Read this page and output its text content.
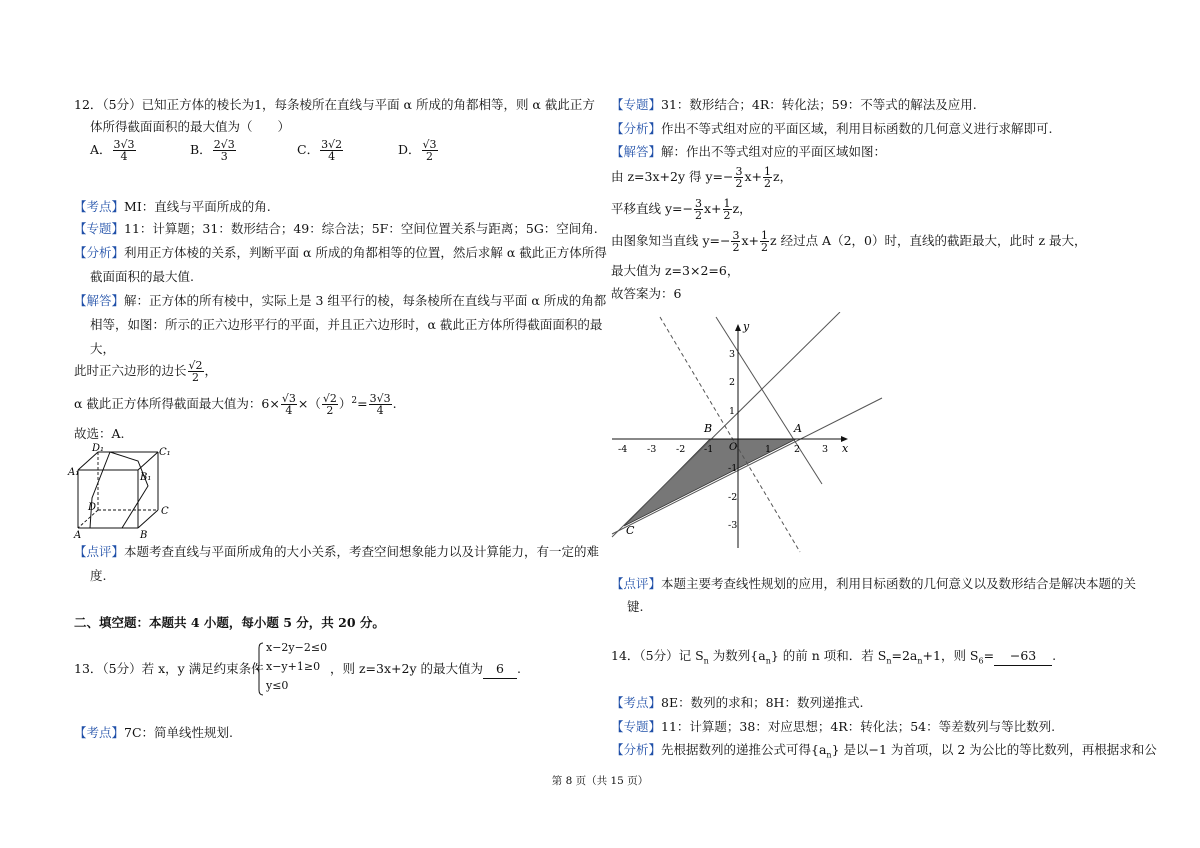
12．（5分）已知正方体的棱长为1，每条棱所在直线与平面 α 所成的角都相等，则 α 截此正方
体所得截面面积的最大值为（　　）
A． $\frac{3√3}{4}$	B． $\frac{2√3}{3}$	C． $\frac{3√2}{4}$	D． $\frac{√3}{2}$
【考点】MI：直线与平面所成的角.
【专题】11：计算题；31：数形结合；49：综合法；5F：空间位置关系与距离；5G：空间角.
【分析】利用正方体棱的关系，判断平面 α 所成的角都相等的位置，然后求解 α 截此正方体所得
截面面积的最大值.
【解答】解：正方体的所有棱中，实际上是 3 组平行的棱，每条棱所在直线与平面 α 所成的角都
相等，如图：所示的正六边形平行的平面，并且正六边形时，α 截此正方体所得截面面积的最
大，
此时正六边形的边长 $\frac{√2}{2}$ ，
α 截此正方体所得截面最大值为：$6\times \frac{√3}{4}$ ×（ $\frac{√2}{2} )^2= \frac{3√3}{4}$ .
故选：A.
D₁	C₁
A₁	B₁
D	C
A	B
【点评】本题考查直线与平面所成角的大小关系，考查空间想象能力以及计算能力，有一定的难
度.
二、填空题：本题共 4 小题，每小题 5 分，共 20 分。
13．（5分）若 x，y 满足约束条件
x−2y−2≤0
x−y+1≥0
y≤0
，则 z=3x+2y 的最大值为 6 .
【考点】7C：简单线性规划.
【专题】31：数形结合；4R：转化法；59：不等式的解法及应用.
【分析】作出不等式组对应的平面区域，利用目标函数的几何意义进行求解即可.
【解答】解：作出不等式组对应的平面区域如图：
由 z=3x+2y 得 $y=- \frac{3}{2} x+ \frac{1}{2}$ z，
平移直线 $y=- \frac{3}{2} x+ \frac{1}{2}$ z，
由图象知当直线 $y=- \frac{3}{2} x+ \frac{1}{2}$ z 经过点 A（2，0）时，直线的截距最大，此时 z 最大，
最大值为 z=3×2=6，
故答案为：6
x
y
O
-4 -3 -2 -1	1 2 3
3
2
1
-1
-2
-3
B	A
C
【点评】本题主要考查线性规划的应用，利用目标函数的几何意义以及数形结合是解决本题的关
键.
14．（5分）记 $S_n$ 为数列$\{a_n\}$ 的前 n 项和．若 $S_n=2a_n+1$，则 $S_6= -63$ .
【考点】8E：数列的求和；8H：数列递推式.
【专题】11：计算题；38：对应思想；4R：转化法；54：等差数列与等比数列.
【分析】先根据数列的递推公式可得$\{a_n\}$ 是以−1 为首项，以 2 为公比的等比数列，再根据求和公
第 8 页（共 15 页）
